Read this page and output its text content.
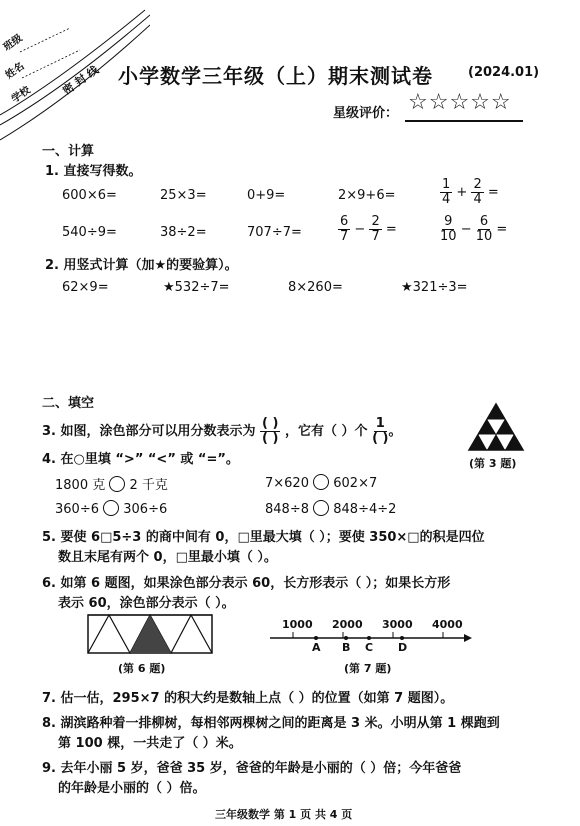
班级
姓名
学校	密 封 线 小学数学三年级（上）期末测试卷	(2024.01)
星级评价： ☆☆☆☆☆
一、计算
1. 直接写得数。
600×6=	25×3=	0+9=	2×9+6=	$\frac{1}{4} + \frac{2}{4}$ =
540÷9=	38÷2=	707÷7=	$\frac{6}{7} - \frac{2}{7}$ =	$\frac{9}{10} - \frac{6}{10}$ =
2. 用竖式计算（加★的要验算）。
62×9=	★532÷7=	8×260=	★321÷3=
二、填空
3. 如图，涂色部分可以用分数表示为 $\frac{( )}{( )}$ ，它有（ ）个 $\frac{1}{( )}$ 。
(第 3 题)
4. 在○里填 “>” “<” 或 “=”。
1800 克 2 千克	7×620 602×7
360÷6 306÷6	848÷8 848÷4÷2
5. 要使 6□5÷3 的商中间有 0，□里最大填（ ）；要使 350×□的积是四位
数且末尾有两个 0，□里最小填（ ）。
6. 如第 6 题图，如果涂色部分表示 60，长方形表示（ ）；如果长方形
表示 60，涂色部分表示（ ）。
(第 6 题)
1000 2000 3000 4000
A B C D
(第 7 题)
7. 估一估，295×7 的积大约是数轴上点（ ）的位置（如第 7 题图）。
8. 湖滨路种着一排柳树，每相邻两棵树之间的距离是 3 米。小明从第 1 棵跑到
第 100 棵，一共走了（ ）米。
9. 去年小丽 5 岁，爸爸 35 岁，爸爸的年龄是小丽的（ ）倍；今年爸爸
的年龄是小丽的（ ）倍。
三年级数学 第 1 页 共 4 页
